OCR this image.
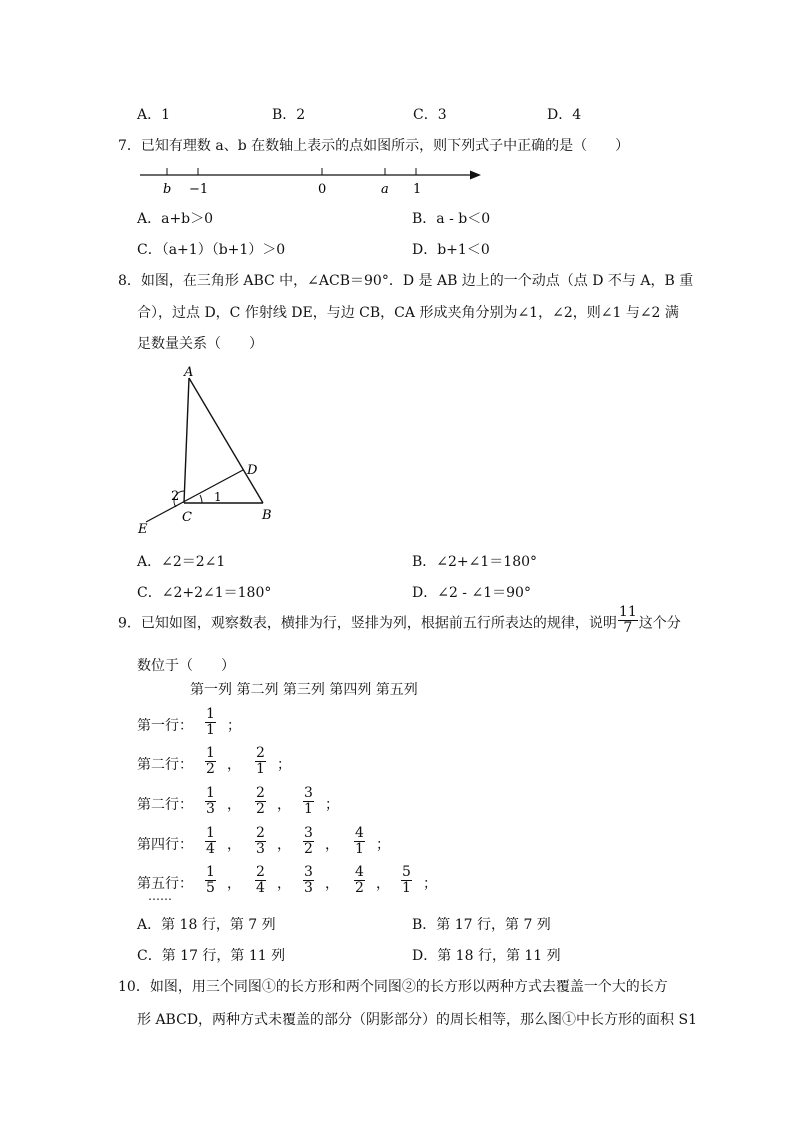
A．1	B．2	C．3	D．4
7．已知有理数 a、b 在数轴上表示的点如图所示，则下列式子中正确的是（　　）
b −1	0	a 1
A．a+b＞0	B．a - b＜0
C．（a+1）（b+1）＞0	D．b+1＜0
8．如图，在三角形 ABC 中，∠ACB＝90°．D 是 AB 边上的一个动点（点 D 不与 A，B 重
合），过点 D，C 作射线 DE，与边 CB，CA 形成夹角分别为∠1，∠2，则∠1 与∠2 满
足数量关系（　　）
A
D
C	B
E
2	1
A．∠2＝2∠1	B．∠2+∠1＝180°
C．∠2+2∠1＝180°	D．∠2 - ∠1＝90°
9．已知如图，观察数表，横排为行，竖排为列，根据前五行所表达的规律，说明 $\frac{11}{7}$ 这个分
数位于（　　）
第一列 第二列 第三列 第四列 第五列
第一行： $\frac{1}{1}$ ；
第二行： $\frac{1}{2}$ ， $\frac{2}{1}$ ；
第二行： $\frac{1}{3}$ ， $\frac{2}{2}$ ， $\frac{3}{1}$ ；
第四行： $\frac{1}{4}$ ， $\frac{2}{3}$ ， $\frac{3}{2}$ ， $\frac{4}{1}$ ；
第五行： $\frac{1}{5}$ ， $\frac{2}{4}$ ， $\frac{3}{3}$ ， $\frac{4}{2}$ ， $\frac{5}{1}$ ；
……
A．第 18 行，第 7 列	B．第 17 行，第 7 列
C．第 17 行，第 11 列	D．第 18 行，第 11 列
10．如图，用三个同图①的长方形和两个同图②的长方形以两种方式去覆盖一个大的长方
形 ABCD，两种方式未覆盖的部分（阴影部分）的周长相等，那么图①中长方形的面积 S1
